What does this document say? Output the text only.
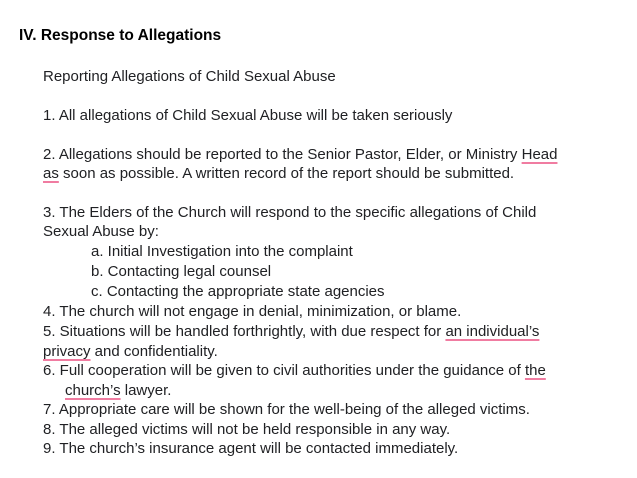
IV. Response to Allegations
Reporting Allegations of Child Sexual Abuse
1. All allegations of Child Sexual Abuse will be taken seriously
2. Allegations should be reported to the Senior Pastor, Elder, or Ministry Head
as soon as possible. A written record of the report should be submitted.
3. The Elders of the Church will respond to the specific allegations of Child
Sexual Abuse by:
a. Initial Investigation into the complaint
b. Contacting legal counsel
c. Contacting the appropriate state agencies
4. The church will not engage in denial, minimization, or blame.
5. Situations will be handled forthrightly, with due respect for an individual’s
privacy and confidentiality.
6. Full cooperation will be given to civil authorities under the guidance of the
church’s lawyer.
7. Appropriate care will be shown for the well-being of the alleged victims.
8. The alleged victims will not be held responsible in any way.
9. The church’s insurance agent will be contacted immediately.
